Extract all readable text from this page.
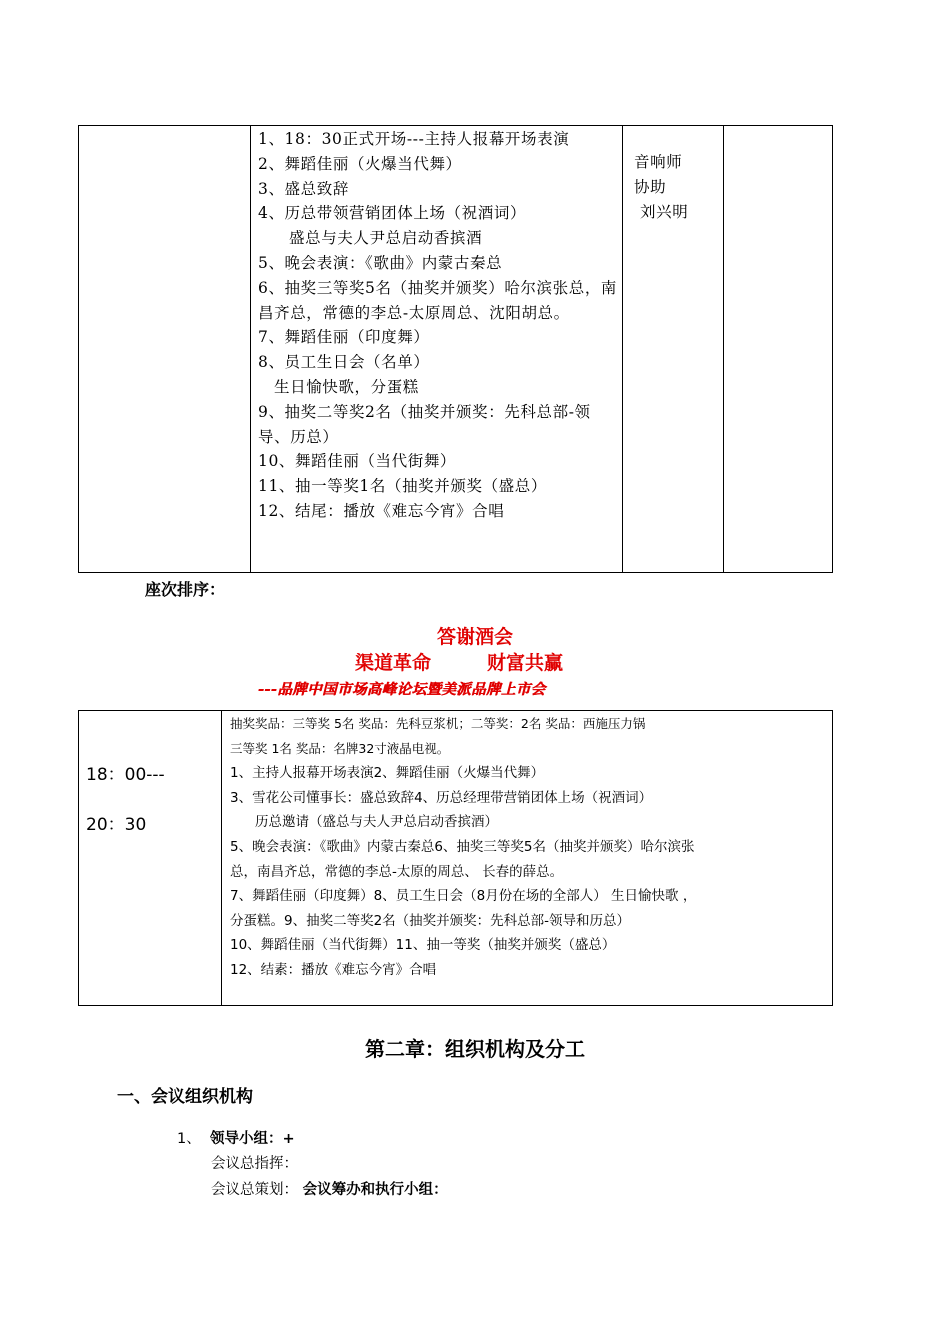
1、18：30正式开场---主持人报幕开场表演
2、舞蹈佳丽（火爆当代舞）
3、盛总致辞
4、历总带领营销团体上场（祝酒词）
盛总与夫人尹总启动香摈酒
5、晚会表演：《歌曲》内蒙古秦总
6、抽奖三等奖5名（抽奖并颁奖）哈尔滨张总，南昌齐总，常德的李总-太原周总、沈阳胡总。
7、舞蹈佳丽（印度舞）
8、员工生日会（名单）
生日愉快歌，分蛋糕
9、抽奖二等奖2名（抽奖并颁奖：先科总部-领导、历总）
10、舞蹈佳丽（当代街舞）
11、抽一等奖1名（抽奖并颁奖（盛总）
12、结尾：播放《难忘今宵》合唱
音响师
协助
刘兴明
座次排序：
答谢酒会
渠道革命	财富共赢
---品牌中国市场高峰论坛暨美派品牌上市会
18：00---
20：30
抽奖奖品：三等奖 5名 奖品：先科豆浆机；二等奖：2名 奖品：西施压力锅
三等奖 1名 奖品：名牌32寸液晶电视。
1、主持人报幕开场表演2、舞蹈佳丽（火爆当代舞）
3、雪花公司懂事长：盛总致辞4、历总经理带营销团体上场（祝酒词）
历总邀请（盛总与夫人尹总启动香摈酒）
5、晚会表演：《歌曲》内蒙古秦总6、抽奖三等奖5名（抽奖并颁奖）哈尔滨张
总，南昌齐总，常德的李总-太原的周总、 长春的薛总。
7、舞蹈佳丽（印度舞）8、员工生日会（8月份在场的全部人） 生日愉快歌 ，
分蛋糕。9、抽奖二等奖2名（抽奖并颁奖：先科总部-领导和历总）
10、舞蹈佳丽（当代街舞）11、抽一等奖（抽奖并颁奖（盛总）
12、结素：播放《难忘今宵》合唱
第二章：组织机构及分工
一、会议组织机构
1、 领导小组：+
会议总指挥：
会议总策划： 会议筹办和执行小组：
